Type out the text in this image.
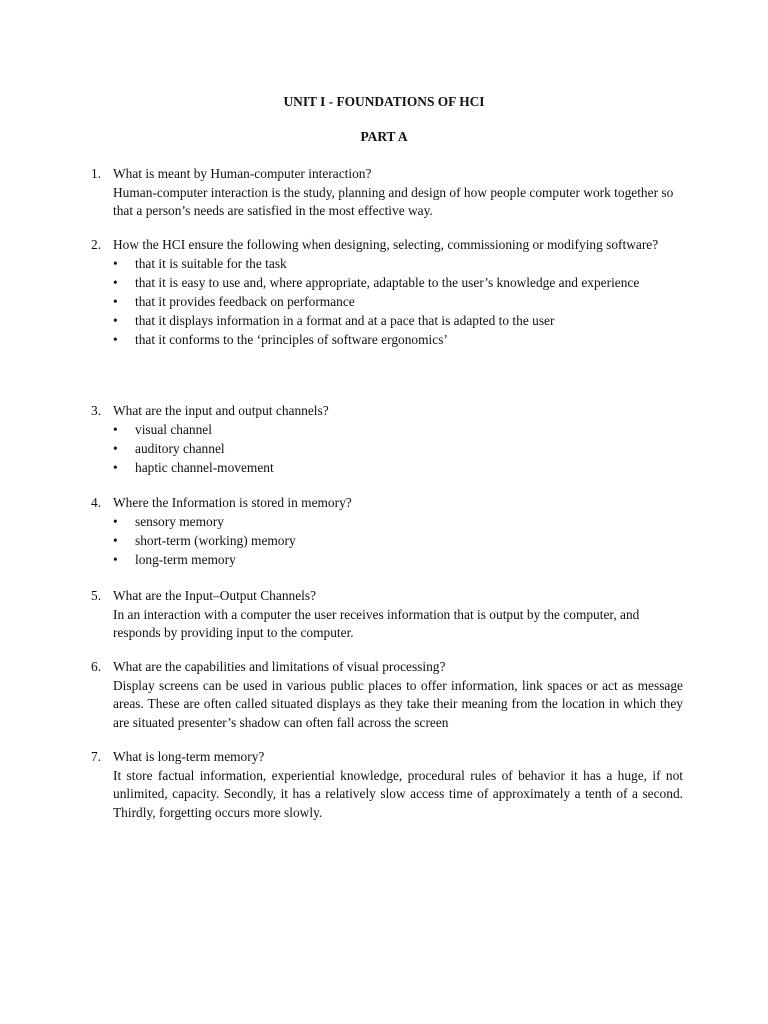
UNIT I - FOUNDATIONS OF HCI
PART A
1. What is meant by Human-computer interaction?
Human-computer interaction is the study, planning and design of how people computer work together so that a person’s needs are satisfied in the most effective way.
2. How the HCI ensure the following when designing, selecting, commissioning or modifying software?
• that it is suitable for the task
• that it is easy to use and, where appropriate, adaptable to the user’s knowledge and experience
• that it provides feedback on performance
• that it displays information in a format and at a pace that is adapted to the user
• that it conforms to the ‘principles of software ergonomics’
3. What are the input and output channels?
• visual channel
• auditory channel
• haptic channel-movement
4. Where the Information is stored in memory?
• sensory memory
• short-term (working) memory
• long-term memory
5. What are the Input–Output Channels?
In an interaction with a computer the user receives information that is output by the computer, and responds by providing input to the computer.
6. What are the capabilities and limitations of visual processing?
Display screens can be used in various public places to offer information, link spaces or act as message areas. These are often called situated displays as they take their meaning from the location in which they are situated presenter’s shadow can often fall across the screen
7. What is long-term memory?
It store factual information, experiential knowledge, procedural rules of behavior it has a huge, if not unlimited, capacity. Secondly, it has a relatively slow access time of approximately a tenth of a second. Thirdly, forgetting occurs more slowly.
